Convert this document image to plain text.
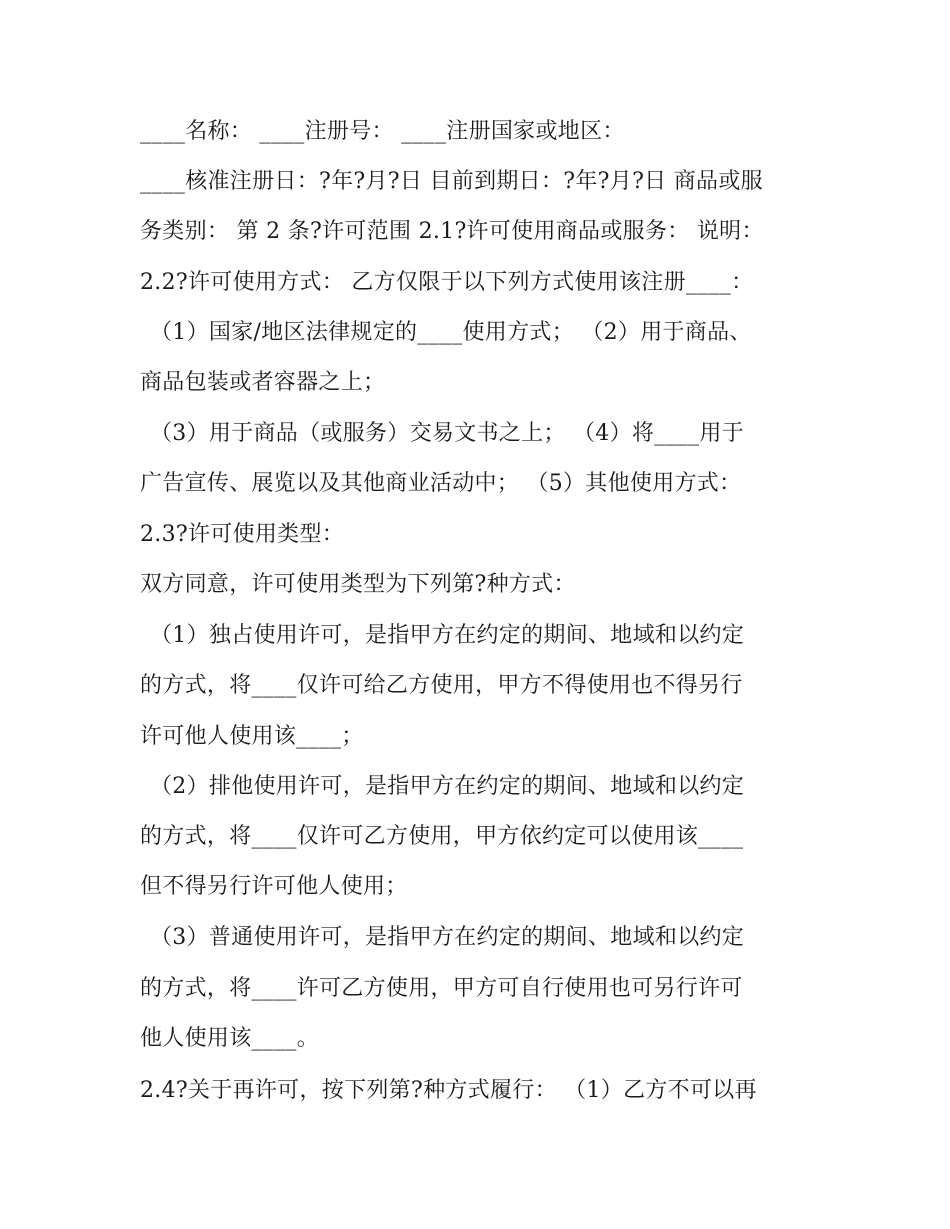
____名称： ____注册号： ____注册国家或地区：
____核准注册日：?年?月?日 目前到期日：?年?月?日 商品或服
务类别： 第 2 条?许可范围 2.1?许可使用商品或服务： 说明：
2.2?许可使用方式： 乙方仅限于以下列方式使用该注册____：
（1）国家/地区法律规定的____使用方式； （2）用于商品、
商品包装或者容器之上；
（3）用于商品（或服务）交易文书之上； （4）将____用于
广告宣传、展览以及其他商业活动中； （5）其他使用方式：
2.3?许可使用类型：
双方同意，许可使用类型为下列第?种方式：
（1）独占使用许可，是指甲方在约定的期间、地域和以约定
的方式，将____仅许可给乙方使用，甲方不得使用也不得另行
许可他人使用该____；
（2）排他使用许可，是指甲方在约定的期间、地域和以约定
的方式，将____仅许可乙方使用，甲方依约定可以使用该____
但不得另行许可他人使用；
（3）普通使用许可，是指甲方在约定的期间、地域和以约定
的方式，将____许可乙方使用，甲方可自行使用也可另行许可
他人使用该____。
2.4?关于再许可，按下列第?种方式履行： （1）乙方不可以再
